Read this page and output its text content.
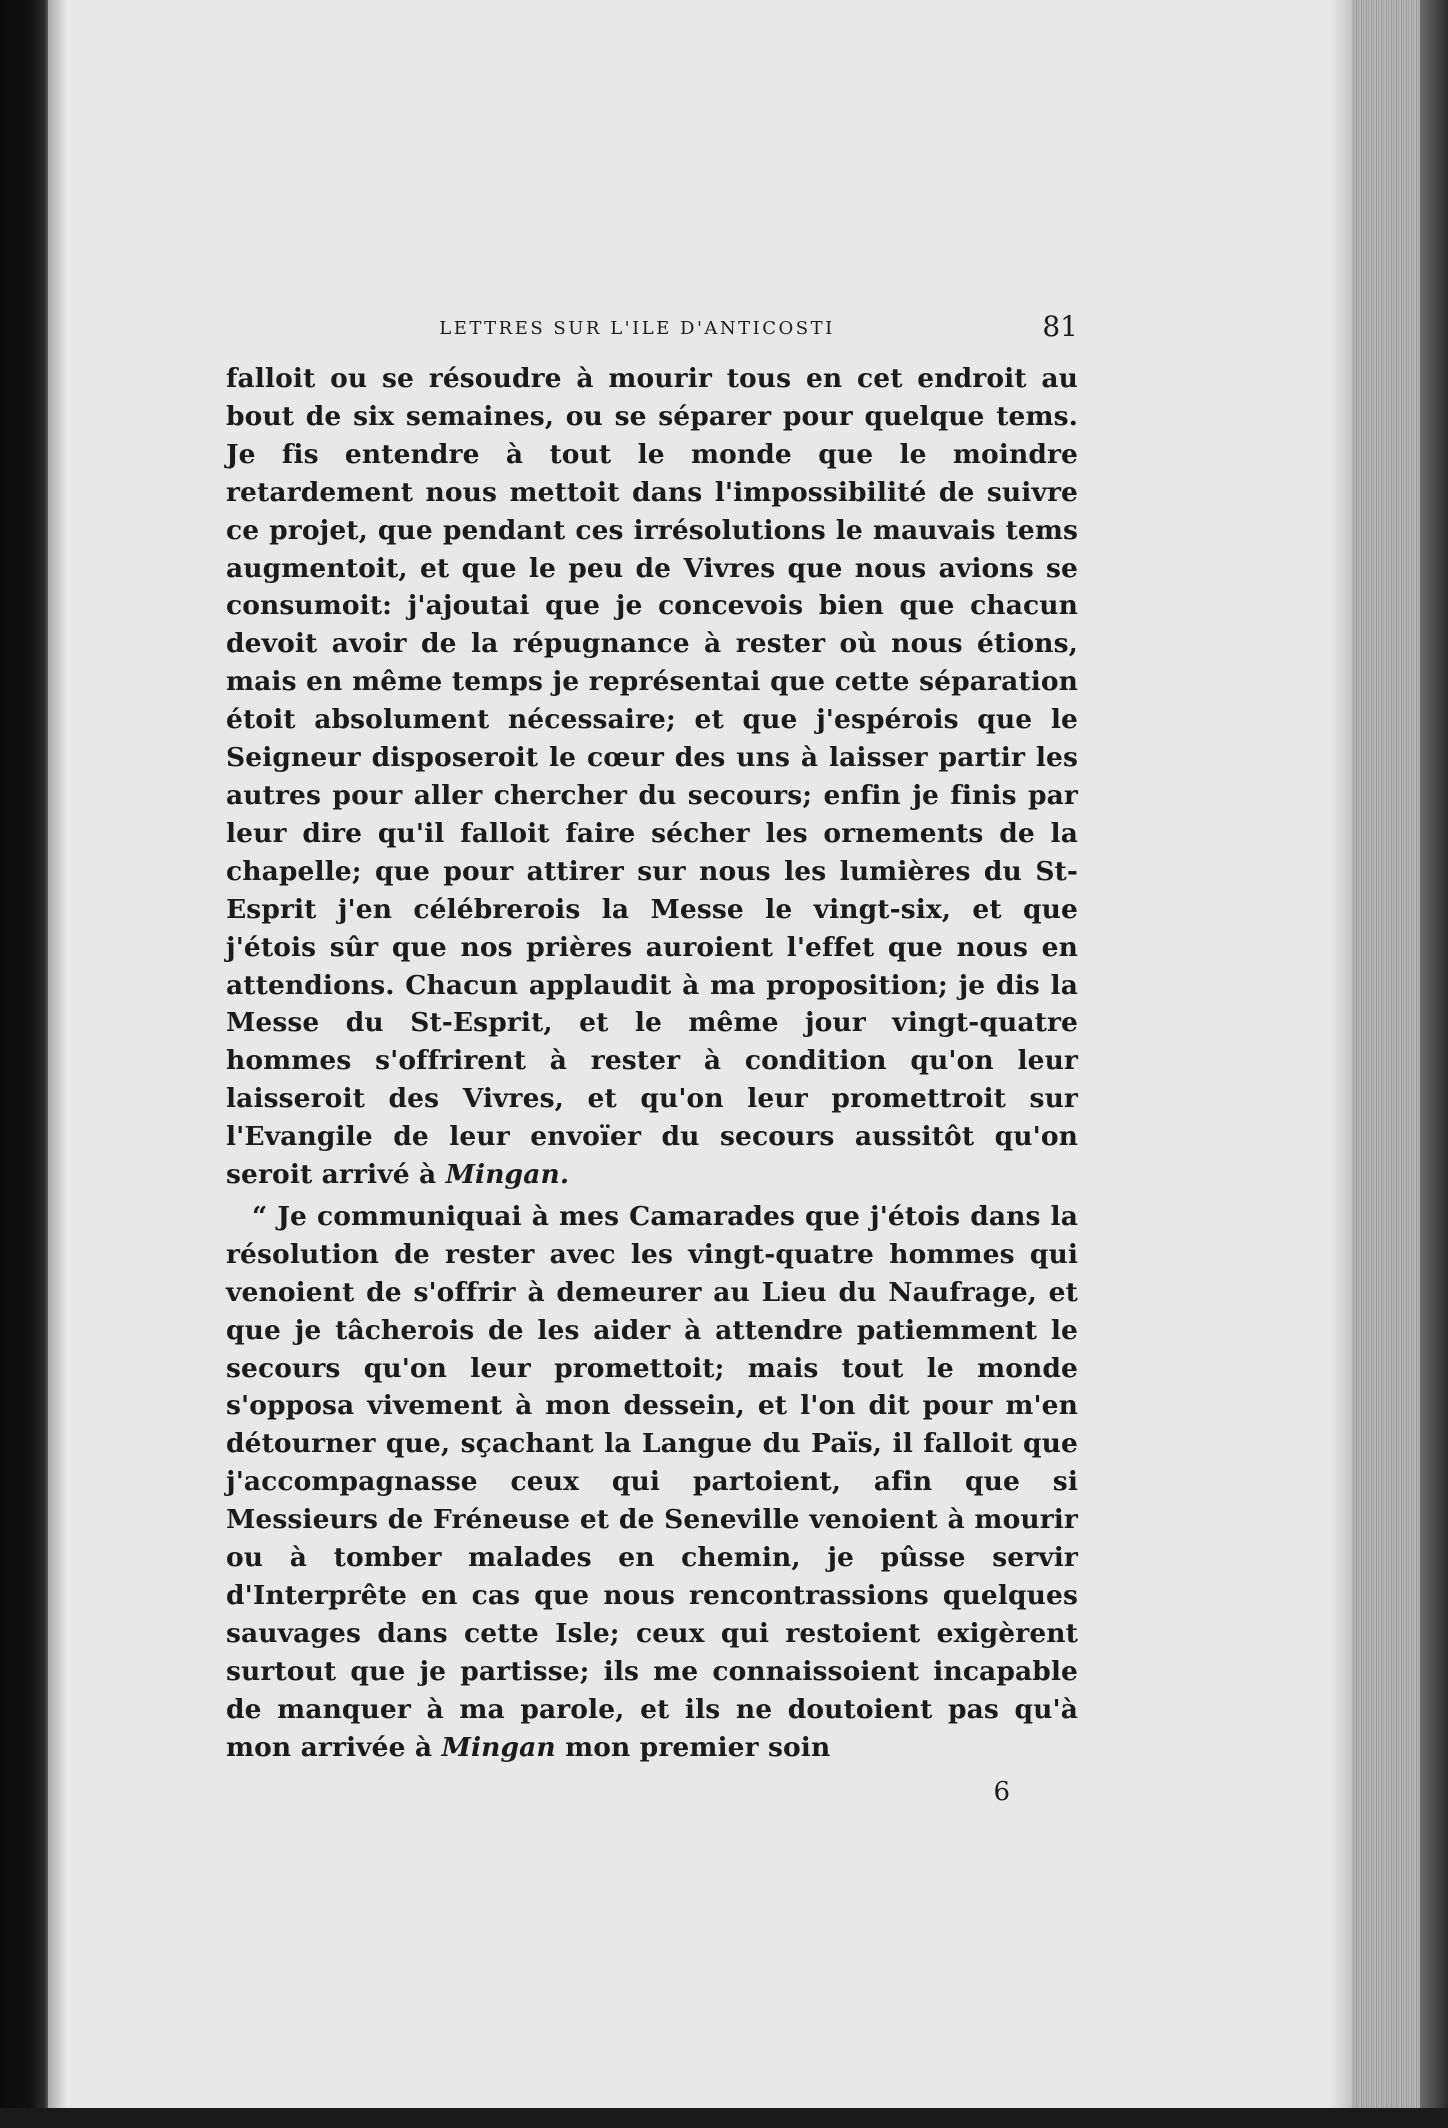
LETTRES SUR L'ILE D'ANTICOSTI	81

falloit ou se résoudre à mourir tous en cet endroit au bout de six semaines, ou se séparer pour quelque tems. Je fis entendre à tout le monde que le moindre retardement nous mettoit dans l'impossibilité de suivre ce projet, que pendant ces irrésolutions le mauvais tems augmentoit, et que le peu de Vivres que nous avions se consumoit: j'ajoutai que je concevois bien que chacun devoit avoir de la répugnance à rester où nous étions, mais en même temps je représentai que cette séparation étoit absolument nécessaire; et que j'espérois que le Seigneur disposeroit le cœur des uns à laisser partir les autres pour aller chercher du secours; enfin je finis par leur dire qu'il falloit faire sécher les ornements de la chapelle; que pour attirer sur nous les lumières du St-Esprit j'en célébrerois la Messe le vingt-six, et que j'étois sûr que nos prières auroient l'effet que nous en attendions. Chacun applaudit à ma proposition; je dis la Messe du St-Esprit, et le même jour vingt-quatre hommes s'offrirent à rester à condition qu'on leur laisseroit des Vivres, et qu'on leur promettroit sur l'Evangile de leur envoïer du secours aussitôt qu'on seroit arrivé à Mingan.

“ Je communiquai à mes Camarades que j'étois dans la résolution de rester avec les vingt-quatre hommes qui venoient de s'offrir à demeurer au Lieu du Naufrage, et que je tâcherois de les aider à attendre patiemment le secours qu'on leur promettoit; mais tout le monde s'opposa vivement à mon dessein, et l'on dit pour m'en détourner que, sçachant la Langue du Païs, il falloit que j'accompagnasse ceux qui partoient, afin que si Messieurs de Fréneuse et de Seneville venoient à mourir ou à tomber malades en chemin, je pûsse servir d'Interprête en cas que nous rencontrassions quelques sauvages dans cette Isle; ceux qui restoient exigèrent surtout que je partisse; ils me connaissoient incapable de manquer à ma parole, et ils ne doutoient pas qu'à mon arrivée à Mingan mon premier soin

6
